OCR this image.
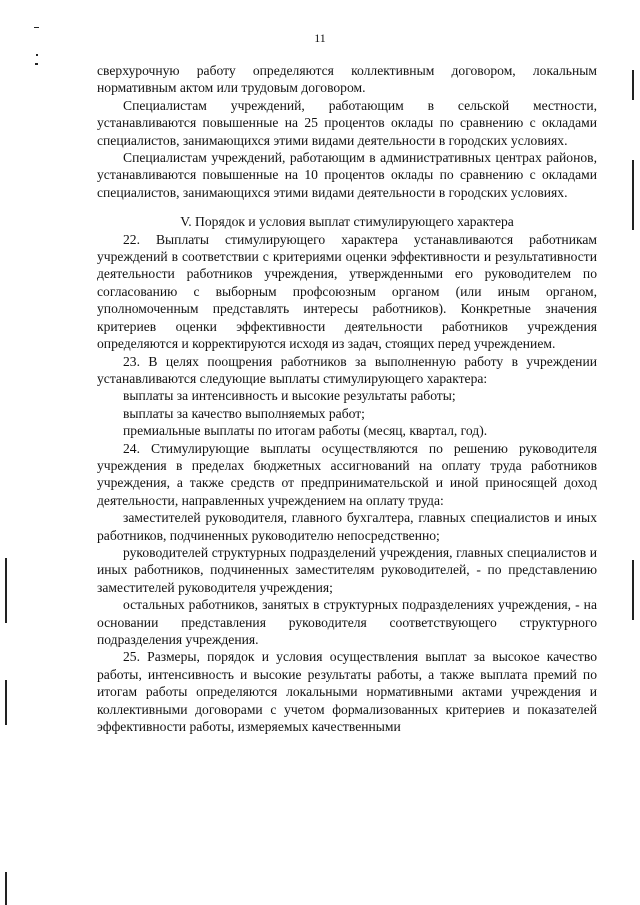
11

сверхурочную работу определяются коллективным договором, локальным нормативным актом или трудовым договором.

Специалистам учреждений, работающим в сельской местности, устанавливаются повышенные на 25 процентов оклады по сравнению с окладами специалистов, занимающихся этими видами деятельности в городских условиях.

Специалистам учреждений, работающим в административных центрах районов, устанавливаются повышенные на 10 процентов оклады по сравнению с окладами специалистов, занимающихся этими видами деятельности в городских условиях.

V. Порядок и условия выплат стимулирующего характера

22. Выплаты стимулирующего характера устанавливаются работникам учреждений в соответствии с критериями оценки эффективности и результативности деятельности работников учреждения, утвержденными его руководителем по согласованию с выборным профсоюзным органом (или иным органом, уполномоченным представлять интересы работников). Конкретные значения критериев оценки эффективности деятельности работников учреждения определяются и корректируются исходя из задач, стоящих перед учреждением.

23. В целях поощрения работников за выполненную работу в учреждении устанавливаются следующие выплаты стимулирующего характера:

выплаты за интенсивность и высокие результаты работы;

выплаты за качество выполняемых работ;

премиальные выплаты по итогам работы (месяц, квартал, год).

24. Стимулирующие выплаты осуществляются по решению руководителя учреждения в пределах бюджетных ассигнований на оплату труда работников учреждения, а также средств от предпринимательской и иной приносящей доход деятельности, направленных учреждением на оплату труда:

заместителей руководителя, главного бухгалтера, главных специалистов и иных работников, подчиненных руководителю непосредственно;

руководителей структурных подразделений учреждения, главных специалистов и иных работников, подчиненных заместителям руководителей, - по представлению заместителей руководителя учреждения;

остальных работников, занятых в структурных подразделениях учреждения, - на основании представления руководителя соответствующего структурного подразделения учреждения.

25. Размеры, порядок и условия осуществления выплат за высокое качество работы, интенсивность и высокие результаты работы, а также выплата премий по итогам работы определяются локальными нормативными актами учреждения и коллективными договорами с учетом формализованных критериев и показателей эффективности работы, измеряемых качественными
